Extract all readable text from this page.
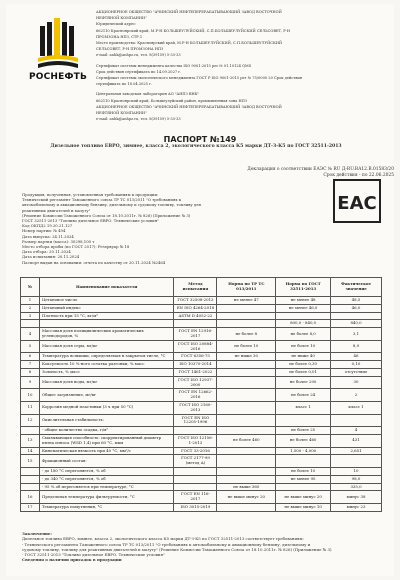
РОСНЕФТЬ

АКЦИОНЕРНОЕ ОБЩЕСТВО "АЧИНСКИЙ НЕФТЕПЕРЕРАБАТЫВАЮЩИЙ ЗАВОД ВОСТОЧНОЙ

НЕФТЯНОЙ КОМПАНИИ"

Юридический адрес:

662110 Красноярский край, М.Р-Н БОЛЬШЕУЛУЙСКИЙ, С.П.БОЛЬШЕУЛУЙСКИЙ СЕЛЬСОВЕТ, Р-Н

ПРОМЗОНА НПЗ, СТР.1

Место производства: Красноярский край, М.Р-Н БОЛЬШЕУЛУЙСКИЙ, С.П.БОЛЬШЕУЛУЙСКИЙ

СЕЛЬСОВЕТ, Р-Н ПРОМЗОНА НПЗ

e-mail: anhk@anhpz.ru, тел. 8(39159) 5-33-33

Сертификат системы менеджмента качества ISO 9001:2015 per № 01.10124 QMS

Срок действия сертификата по 14.09.2027 г.

Сертификат системы экологического менеджмента ГОСТ Р ISO 9001-2015 рег № 75/0000 20 Срок действия

сертификата по 18.04.2025 г.

Центральная заводская лаборатория АО "АНПЗ ВНК"

662110 Красноярский край, Большеулуйский район, промышленная зона НПЗ

АКЦИОНЕРНОЕ ОБЩЕСТВО "АЧИНСКИЙ НЕФТЕПЕРЕРАБАТЫВАЮЩИЙ ЗАВОД ВОСТОЧНОЙ

НЕФТЯНОЙ КОМПАНИИ"

e-mail: anhk@anhpz.ru, тел. 8(39159) 5-33-33

ПАСПОРТ №149
Дизельное топливо ЕВРО, зимнее, класса 2, экологического класса К5 марки ДТ-З-К5 по ГОСТ 32511-2013
Декларация о соответствии ЕАЭС № RU Д-RU.RA12.В.01583/20
Срок действия - по 22.06.2025
EAC

Продукция, полученная, установленная требованиям к продукции:

Технический регламент Таможенного союза ТР ТС 013/2011 "О требованиях к

автомобильному и авиационному бензину, дизельному и судовому топливу, топливу для

реактивных двигателей и мазуту"

(Решение Комиссии Таможенного Союза от 18.10.2011г. № 826) (Приложение № 3)

ГОСТ 32511-2013 "Топливо дизельное ЕВРО. Технические условия"

Код ОКПД2 19.20.21.127

Номер партии: № 494

Дата выпуска: 24.11.2024

Размер партии (масса): 30298,100 т

Место отбора пробы (по ГОСТ 2517): Резервуар № 18

Дата отбора: 20.11.2024

Дата испытания: 20.11.2024

Паспорт выдан на основании: отчета по качеству от 20.11.2024 №2464

№	Наименование показателя	Метод испытания	Норма по ТР ТС 013/2011	Норма по ГОСТ 32511-2013	Фактическое значение
1	Цетановое число	ГОСТ 32508-2013	не менее 47	не менее 48	48,5
2	Цетановый индекс	EN ISO 4264-2018		не менее 46,0	46,0
3	Плотность при 15 °С, кг/м³	ASTM D 4052-22			
				800,0 - 840,0	840,0
4	Массовая доля полициклических ароматических углеводородов, %	ГОСТ EN 12916-2017	не более 8	не более 8,0	3,1
5	Массовая доля серы, мг/кг	ГОСТ ISO 20884-2016	не более 10	не более 10	8,9
6	Температура вспышки, определяемая в закрытом тигле, °С	ГОСТ 6356-75	не ниже 30	не ниже 40	46
7	Коксуемость 10 %-ного остатка разгонки, % масс	ISO 10370-2014		не более 0,30	0,10
8	Зольность, % масс	ГОСТ 1461-2022		не более 0,01	отсутствие
9	Массовая доля воды, мг/кг	ГОСТ ISO 12937-2000		не более 200	30
10	Общее загрязнение, мг/кг	ГОСТ EN 12662-2016		не более 24	2
11	Коррозия медной пластинки (3 ч при 50 °С)	ГОСТ ISO 2160-2013		класс 1	класс 1
12	Окислительная стабильность:	ГОСТ EN ISO 12205-1996			
	- общее количество осадка, г/м³			не более 25	4
13	Смазывающая способность: скорректированный диаметр пятна износа (WSD 1,4) при 60 °С, мкм	ГОСТ ISO 12156-1-2013	не более 460	не более 460	431
14	Кинематическая вязкость при 40 °С, мм²/с	ГОСТ 33-2016		1,500 - 4,000	2,651
15	Фракционный состав:	ГОСТ 2177-99 (метод А)			
	- до 180 °С перегоняется, % об			не более 10	10
	- до 340 °С перегоняется, % об			не менее 95	98,0
	- 95 % об перегоняется при температуре, °С		не выше 360		335,0
16	Предельная температура фильтруемости, °С	ГОСТ EN 116-2017	не выше минус 20	не выше минус 20	минус 38
17	Температура помутнения, °С	ISO 3015-2019		не выше минус 10	минус 23

Заключение:

Дизельное топливо ЕВРО, зимнее, класса 2, экологического класса К5 марки ДТ-З-К5 по ГОСТ 32511-2013 соответствует требованиям:

- Технического регламента Таможенного союза ТР ТС 013/2011 "О требованиях к автомобильному и авиационному бензину, дизельному и

судовому топливу, топливу для реактивных двигателей и мазуту" (Решение Комиссии Таможенного Союза от 18.10.2011г. № 826) (Приложение № 3)

- ГОСТ 32511-2013 "Топливо дизельное ЕВРО. Технические условия"

Сведения о наличии присадок в продукции
